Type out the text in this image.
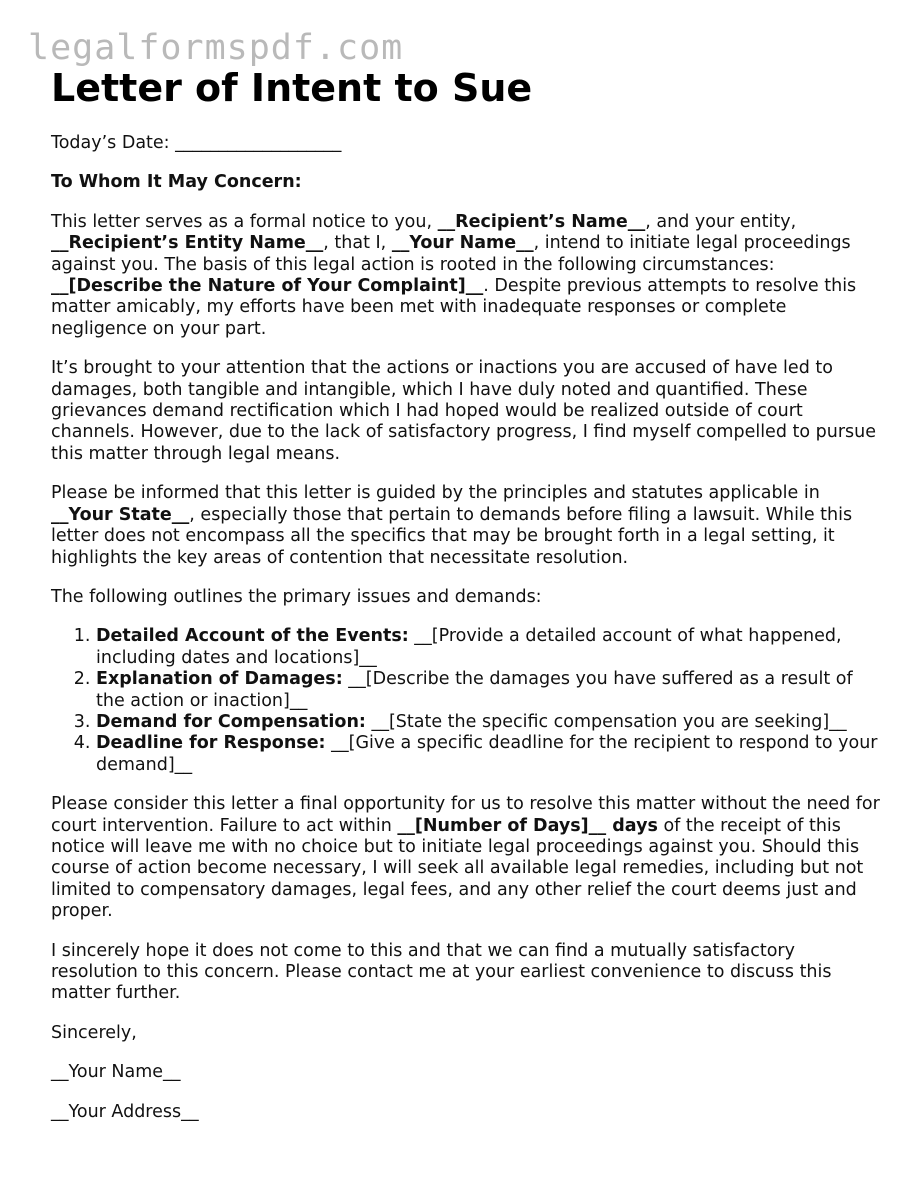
legalformspdf.com
Letter of Intent to Sue
Today’s Date: ___________________
To Whom It May Concern:

This letter serves as a formal notice to you, __Recipient’s Name__, and your entity, __Recipient’s Entity Name__, that I, __Your Name__, intend to initiate legal proceedings against you. The basis of this legal action is rooted in the following circumstances: __[Describe the Nature of Your Complaint]__. Despite previous attempts to resolve this matter amicably, my efforts have been met with inadequate responses or complete negligence on your part.

It’s brought to your attention that the actions or inactions you are accused of have led to damages, both tangible and intangible, which I have duly noted and quantified. These grievances demand rectification which I had hoped would be realized outside of court channels. However, due to the lack of satisfactory progress, I find myself compelled to pursue this matter through legal means.

Please be informed that this letter is guided by the principles and statutes applicable in __Your State__, especially those that pertain to demands before filing a lawsuit. While this letter does not encompass all the specifics that may be brought forth in a legal setting, it highlights the key areas of contention that necessitate resolution.

The following outlines the primary issues and demands:

1. Detailed Account of the Events: __[Provide a detailed account of what happened, including dates and locations]__
2. Explanation of Damages: __[Describe the damages you have suffered as a result of the action or inaction]__
3. Demand for Compensation: __[State the specific compensation you are seeking]__
4. Deadline for Response: __[Give a specific deadline for the recipient to respond to your demand]__

Please consider this letter a final opportunity for us to resolve this matter without the need for court intervention. Failure to act within __[Number of Days]__ days of the receipt of this notice will leave me with no choice but to initiate legal proceedings against you. Should this course of action become necessary, I will seek all available legal remedies, including but not limited to compensatory damages, legal fees, and any other relief the court deems just and proper.

I sincerely hope it does not come to this and that we can find a mutually satisfactory resolution to this concern. Please contact me at your earliest convenience to discuss this matter further.

Sincerely,
__Your Name__
__Your Address__
